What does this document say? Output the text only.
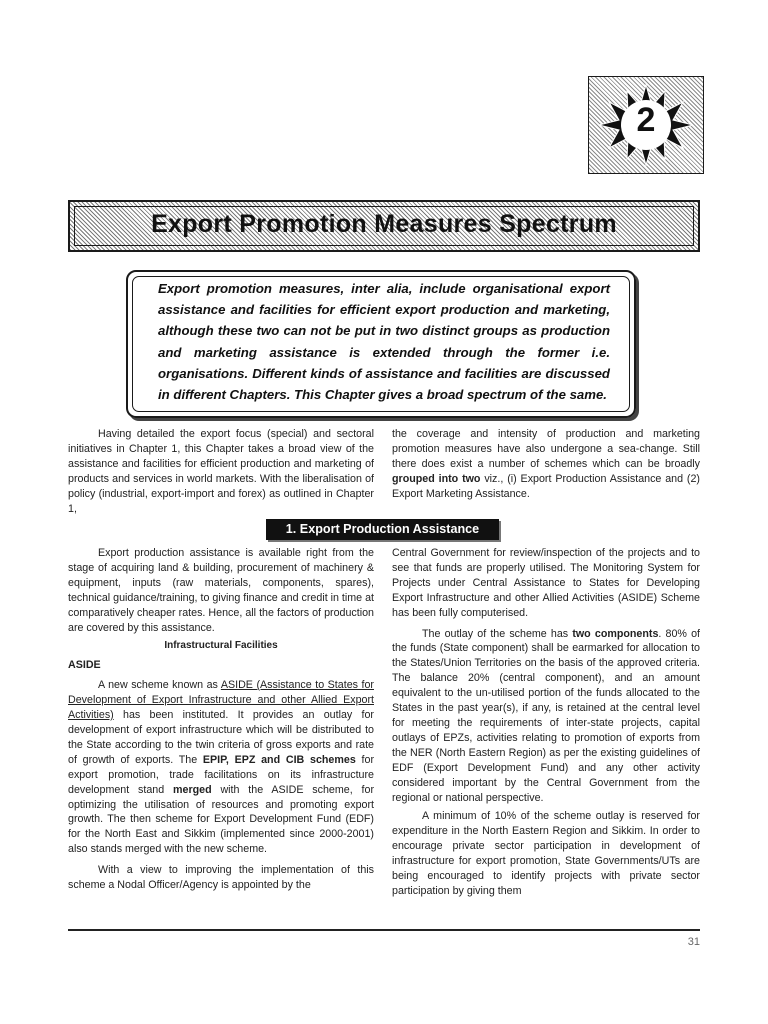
2
Export Promotion Measures Spectrum
Export promotion measures, inter alia, include organisational export assistance and facilities for efficient export production and marketing, although these two can not be put in two distinct groups as production and marketing assistance is extended through the former i.e. organisations. Different kinds of assistance and facilities are discussed in different Chapters. This Chapter gives a broad spectrum of the same.

Having detailed the export focus (special) and sectoral initiatives in Chapter 1, this Chapter takes a broad view of the assistance and facilities for efficient production and marketing of products and services in world markets. With the liberalisation of policy (industrial, export-import and forex) as outlined in Chapter 1,

the coverage and intensity of production and marketing promotion measures have also undergone a sea-change. Still there does exist a number of schemes which can be broadly grouped into two viz., (i) Export Production Assistance and (2) Export Marketing Assistance.

1. Export Production Assistance

Export production assistance is available right from the stage of acquiring land & building, procurement of machinery & equipment, inputs (raw materials, components, spares), technical guidance/training, to giving finance and credit in time at comparatively cheaper rates. Hence, all the factors of production are covered by this assistance.

Infrastructural Facilities
ASIDE

A new scheme known as ASIDE (Assistance to States for Development of Export Infrastructure and other Allied Export Activities) has been instituted. It provides an outlay for development of export infrastructure which will be distributed to the State according to the twin criteria of gross exports and rate of growth of exports. The EPIP, EPZ and CIB schemes for export promotion, trade facilitations on its infrastructure development stand merged with the ASIDE scheme, for optimizing the utilisation of resources and promoting export growth. The then scheme for Export Development Fund (EDF) for the North East and Sikkim (implemented since 2000-2001) also stands merged with the new scheme.

With a view to improving the implementation of this scheme a Nodal Officer/Agency is appointed by the

Central Government for review/inspection of the projects and to see that funds are properly utilised. The Monitoring System for Projects under Central Assistance to States for Developing Export Infrastructure and other Allied Activities (ASIDE) Scheme has been fully computerised.

The outlay of the scheme has two components. 80% of the funds (State component) shall be earmarked for allocation to the States/Union Territories on the basis of the approved criteria. The balance 20% (central component), and an amount equivalent to the un-utilised portion of the funds allocated to the States in the past year(s), if any, is retained at the central level for meeting the requirements of inter-state projects, capital outlays of EPZs, activities relating to promotion of exports from the NER (North Eastern Region) as per the existing guidelines of EDF (Export Development Fund) and any other activity considered important by the Central Government from the regional or national perspective.

A minimum of 10% of the scheme outlay is reserved for expenditure in the North Eastern Region and Sikkim. In order to encourage private sector participation in development of infrastructure for export promotion, State Governments/UTs are being encouraged to identify projects with private sector participation by giving them

31
